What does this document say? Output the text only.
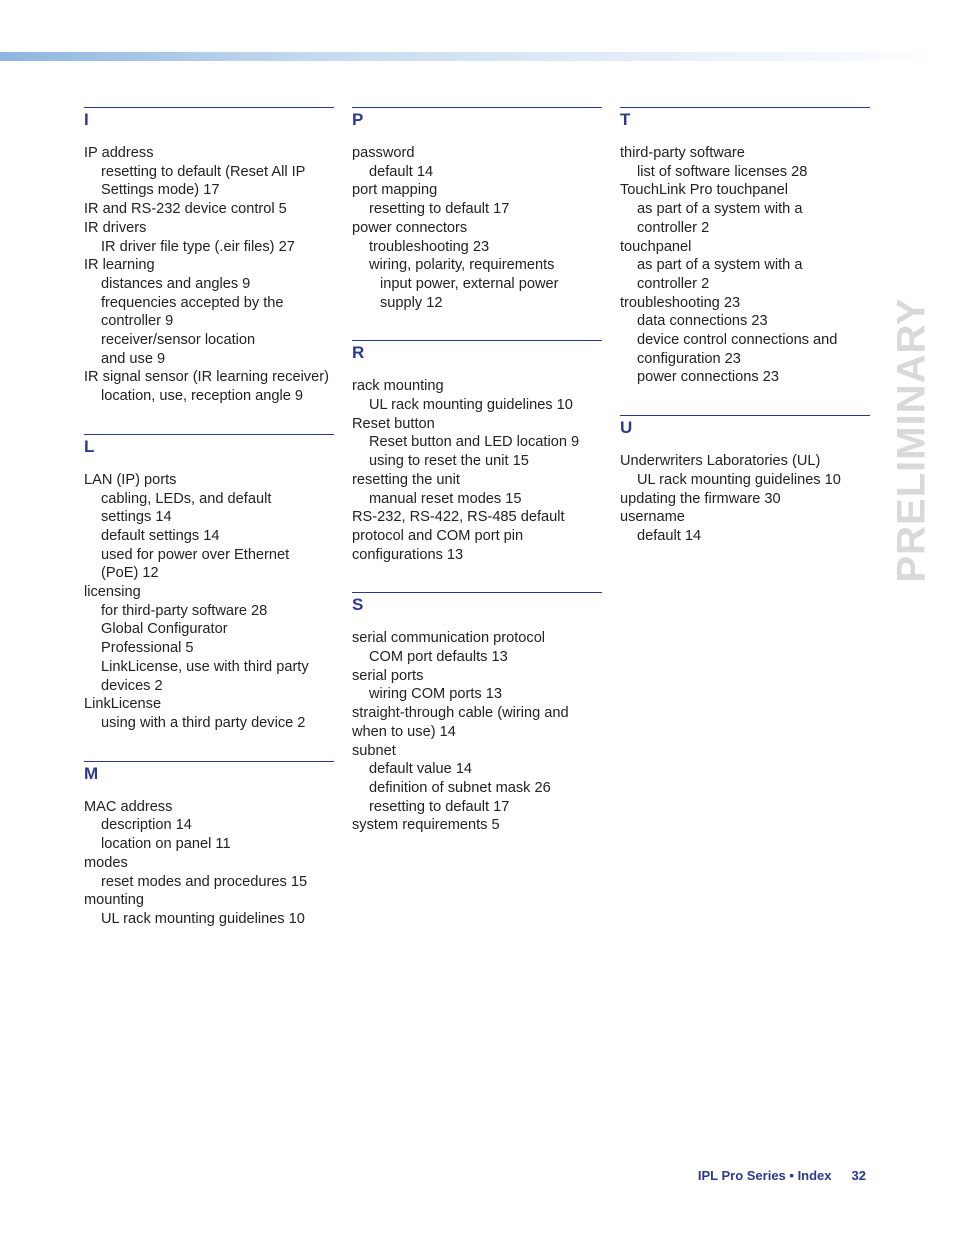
I
IP address
resetting to default (Reset All IP
Settings mode) 17
IR and RS-232 device control 5
IR drivers
IR driver file type (.eir files) 27
IR learning
distances and angles 9
frequencies accepted by the
controller 9
receiver/sensor location
and use 9
IR signal sensor (IR learning receiver)
location, use, reception angle 9
L
LAN (IP) ports
cabling, LEDs, and default
settings 14
default settings 14
used for power over Ethernet
(PoE) 12
licensing
for third-party software 28
Global Configurator
Professional 5
LinkLicense, use with third party
devices 2
LinkLicense
using with a third party device 2
M
MAC address
description 14
location on panel 11
modes
reset modes and procedures 15
mounting
UL rack mounting guidelines 10
P
password
default 14
port mapping
resetting to default 17
power connectors
troubleshooting 23
wiring, polarity, requirements
input power, external power
supply 12
R
rack mounting
UL rack mounting guidelines 10
Reset button
Reset button and LED location 9
using to reset the unit 15
resetting the unit
manual reset modes 15
RS-232, RS-422, RS-485 default
protocol and COM port pin
configurations 13
S
serial communication protocol
COM port defaults 13
serial ports
wiring COM ports 13
straight-through cable (wiring and
when to use) 14
subnet
default value 14
definition of subnet mask 26
resetting to default 17
system requirements 5
T
third-party software
list of software licenses 28
TouchLink Pro touchpanel
as part of a system with a
controller 2
touchpanel
as part of a system with a
controller 2
troubleshooting 23
data connections 23
device control connections and
configuration 23
power connections 23
U
Underwriters Laboratories (UL)
UL rack mounting guidelines 10
updating the firmware 30
username
default 14	PRELIMINARY
IPL Pro Series • Index 32
